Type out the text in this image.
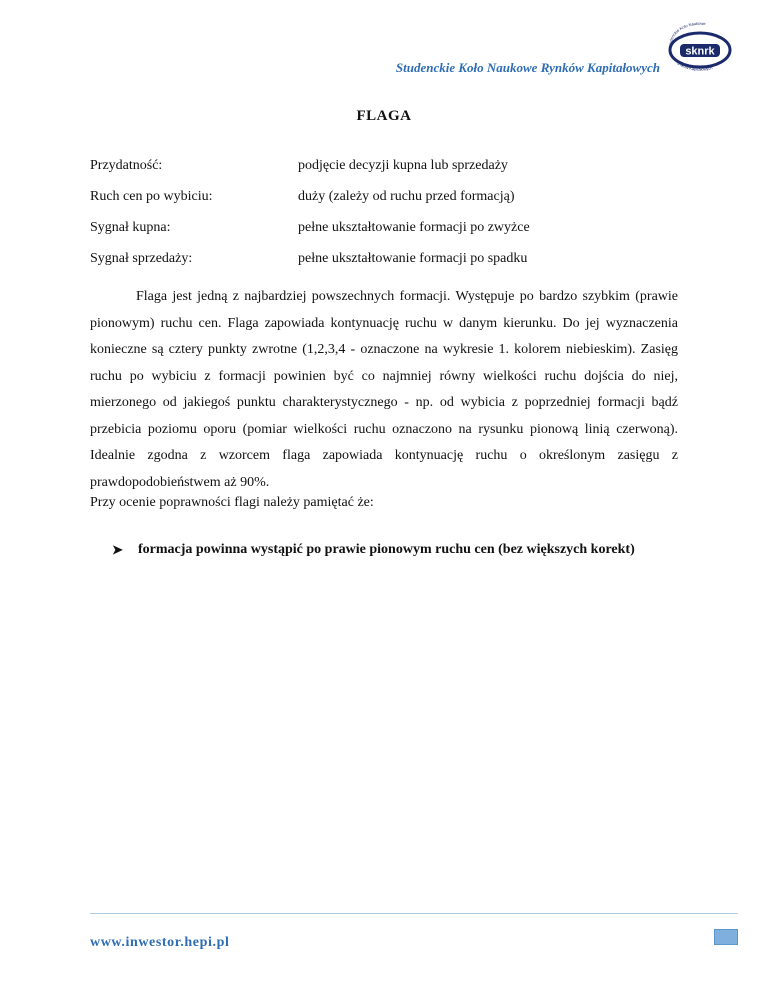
Studenckie Koło Naukowe Rynków Kapitałowych
sknrk
Studenckie Koło Naukowe
Rynków Kapitałowych
FLAGA
Przydatność:	podjęcie decyzji kupna lub sprzedaży
Ruch cen po wybiciu:	duży (zależy od ruchu przed formacją)
Sygnał kupna:	pełne ukształtowanie formacji po zwyżce
Sygnał sprzedaży:	pełne ukształtowanie formacji po spadku

Flaga jest jedną z najbardziej powszechnych formacji. Występuje po bardzo szybkim (prawie pionowym) ruchu cen. Flaga zapowiada kontynuację ruchu w danym kierunku. Do jej wyznaczenia konieczne są cztery punkty zwrotne (1,2,3,4 - oznaczone na wykresie 1. kolorem niebieskim). Zasięg ruchu po wybiciu z formacji powinien być co najmniej równy wielkości ruchu dojścia do niej, mierzonego od jakiegoś punktu charakterystycznego - np. od wybicia z poprzedniej formacji bądź przebicia poziomu oporu (pomiar wielkości ruchu oznaczono na rysunku pionową linią czerwoną). Idealnie zgodna z wzorcem flaga zapowiada kontynuację ruchu o określonym zasięgu z prawdopodobieństwem aż 90%.

Przy ocenie poprawności flagi należy pamiętać że:

➤	formacja powinna wystąpić po prawie pionowym ruchu cen (bez większych korekt)
www.inwestor.hepi.pl
